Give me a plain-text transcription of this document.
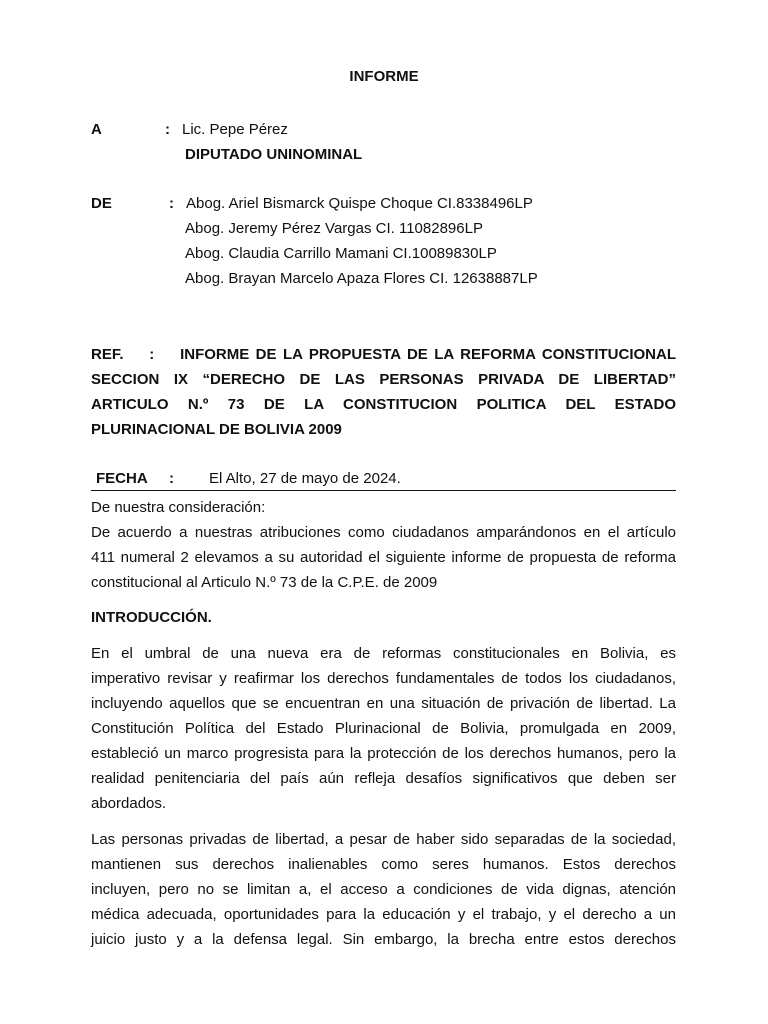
INFORME
A	: Lic. Pepe Pérez
DIPUTADO UNINOMINAL
DE	: Abog. Ariel Bismarck Quispe Choque CI.8338496LP
Abog. Jeremy Pérez Vargas CI. 11082896LP
Abog. Claudia Carrillo Mamani CI.10089830LP
Abog. Brayan Marcelo Apaza Flores CI. 12638887LP
REF. : INFORME DE LA PROPUESTA DE LA REFORMA CONSTITUCIONAL
SECCION IX “DERECHO DE LAS PERSONAS PRIVADA DE LIBERTAD”
ARTICULO N.º 73 DE LA CONSTITUCION POLITICA DEL ESTADO
PLURINACIONAL DE BOLIVIA 2009
FECHA : El Alto, 27 de mayo de 2024.
De nuestra consideración:
De acuerdo a nuestras atribuciones como ciudadanos amparándonos en el artículo
411 numeral 2 elevamos a su autoridad el siguiente informe de propuesta de reforma
constitucional al Articulo N.º 73 de la C.P.E. de 2009
INTRODUCCIÓN.
En el umbral de una nueva era de reformas constitucionales en Bolivia, es
imperativo revisar y reafirmar los derechos fundamentales de todos los ciudadanos,
incluyendo aquellos que se encuentran en una situación de privación de libertad. La
Constitución Política del Estado Plurinacional de Bolivia, promulgada en 2009,
estableció un marco progresista para la protección de los derechos humanos, pero la
realidad penitenciaria del país aún refleja desafíos significativos que deben ser
abordados.
Las personas privadas de libertad, a pesar de haber sido separadas de la sociedad,
mantienen sus derechos inalienables como seres humanos. Estos derechos
incluyen, pero no se limitan a, el acceso a condiciones de vida dignas, atención
médica adecuada, oportunidades para la educación y el trabajo, y el derecho a un
juicio justo y a la defensa legal. Sin embargo, la brecha entre estos derechos
